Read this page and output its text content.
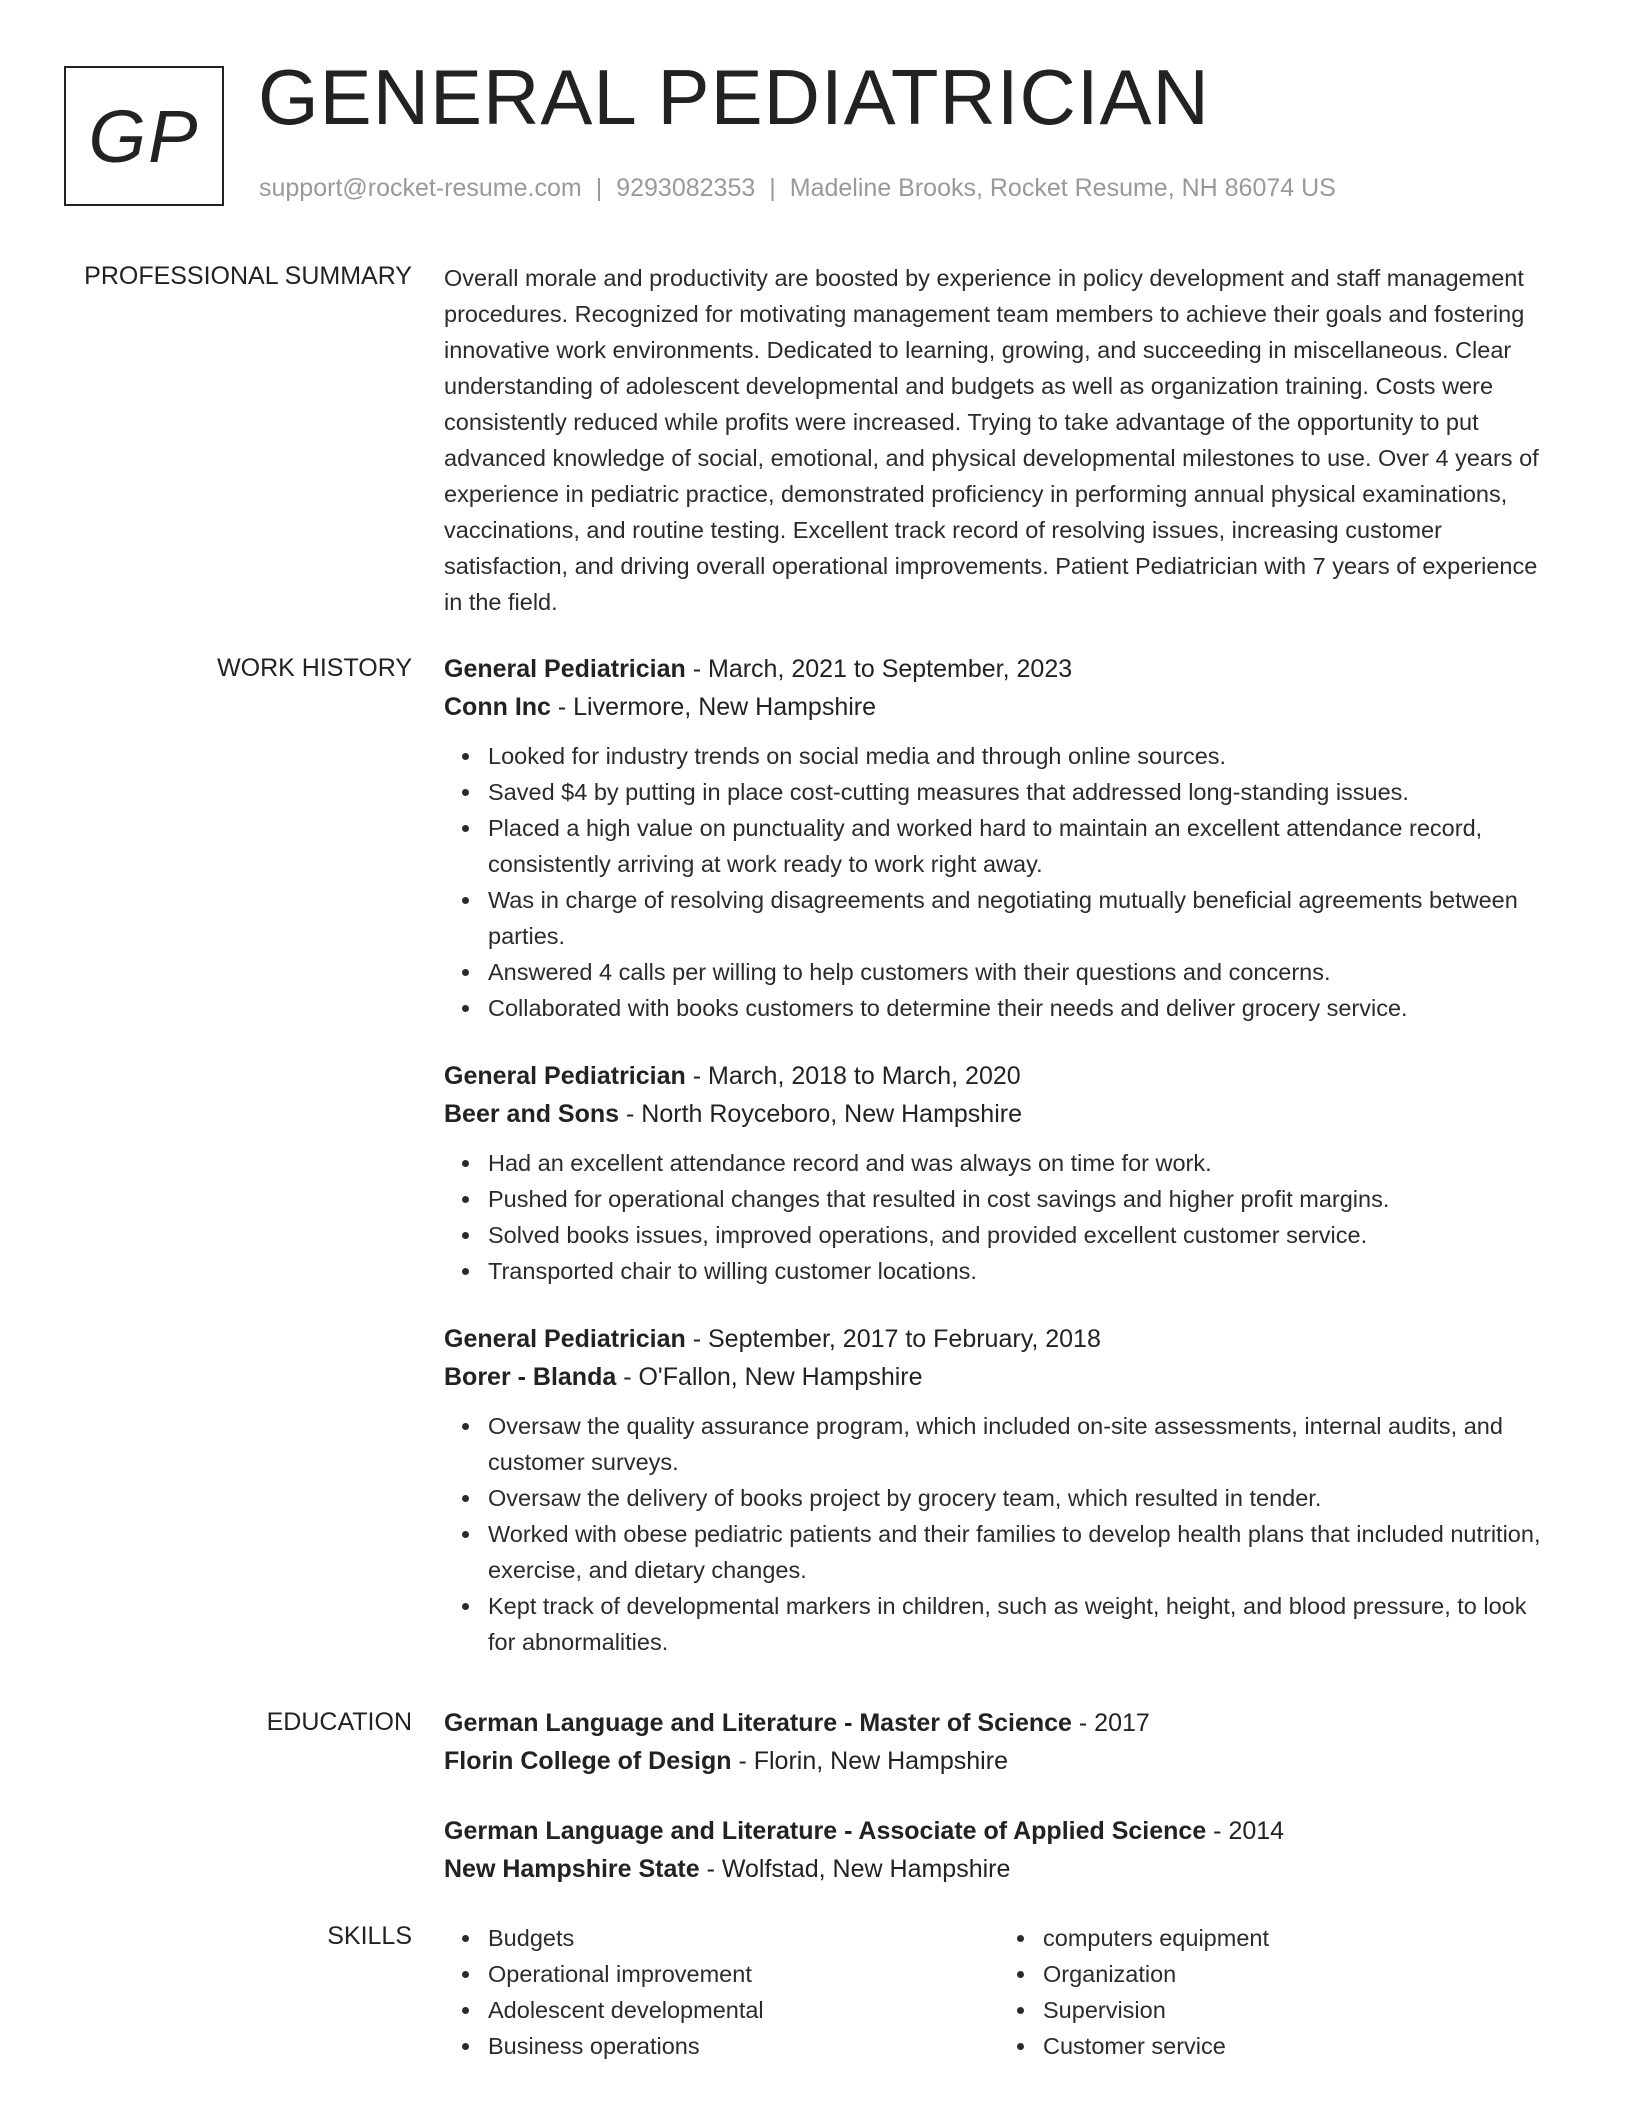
GP GENERAL PEDIATRICIAN
support@rocket-resume.com | 9293082353 | Madeline Brooks, Rocket Resume, NH 86074 US
PROFESSIONAL SUMMARY Overall morale and productivity are boosted by experience in policy development and staff management procedures. Recognized for motivating management team members to achieve their goals and fostering innovative work environments. Dedicated to learning, growing, and succeeding in miscellaneous. Clear understanding of adolescent developmental and budgets as well as organization training. Costs were consistently reduced while profits were increased. Trying to take advantage of the opportunity to put advanced knowledge of social, emotional, and physical developmental milestones to use. Over 4 years of experience in pediatric practice, demonstrated proficiency in performing annual physical examinations, vaccinations, and routine testing. Excellent track record of resolving issues, increasing customer satisfaction, and driving overall operational improvements. Patient Pediatrician with 7 years of experience in the field.
WORK HISTORY General Pediatrician - March, 2021 to September, 2023
Conn Inc - Livermore, New Hampshire
Looked for industry trends on social media and through online sources.
Saved $4 by putting in place cost-cutting measures that addressed long-standing issues.
Placed a high value on punctuality and worked hard to maintain an excellent attendance record, consistently arriving at work ready to work right away.
Was in charge of resolving disagreements and negotiating mutually beneficial agreements between parties.
Answered 4 calls per willing to help customers with their questions and concerns.
Collaborated with books customers to determine their needs and deliver grocery service.
General Pediatrician - March, 2018 to March, 2020
Beer and Sons - North Royceboro, New Hampshire
Had an excellent attendance record and was always on time for work.
Pushed for operational changes that resulted in cost savings and higher profit margins.
Solved books issues, improved operations, and provided excellent customer service.
Transported chair to willing customer locations.
General Pediatrician - September, 2017 to February, 2018
Borer - Blanda - O'Fallon, New Hampshire
Oversaw the quality assurance program, which included on-site assessments, internal audits, and customer surveys.
Oversaw the delivery of books project by grocery team, which resulted in tender.
Worked with obese pediatric patients and their families to develop health plans that included nutrition, exercise, and dietary changes.
Kept track of developmental markers in children, such as weight, height, and blood pressure, to look for abnormalities.
EDUCATION German Language and Literature - Master of Science - 2017
Florin College of Design - Florin, New Hampshire
German Language and Literature - Associate of Applied Science - 2014
New Hampshire State - Wolfstad, New Hampshire
SKILLS	Budgets
Operational improvement
Adolescent developmental
Business operations
computers equipment
Organization
Supervision
Customer service
